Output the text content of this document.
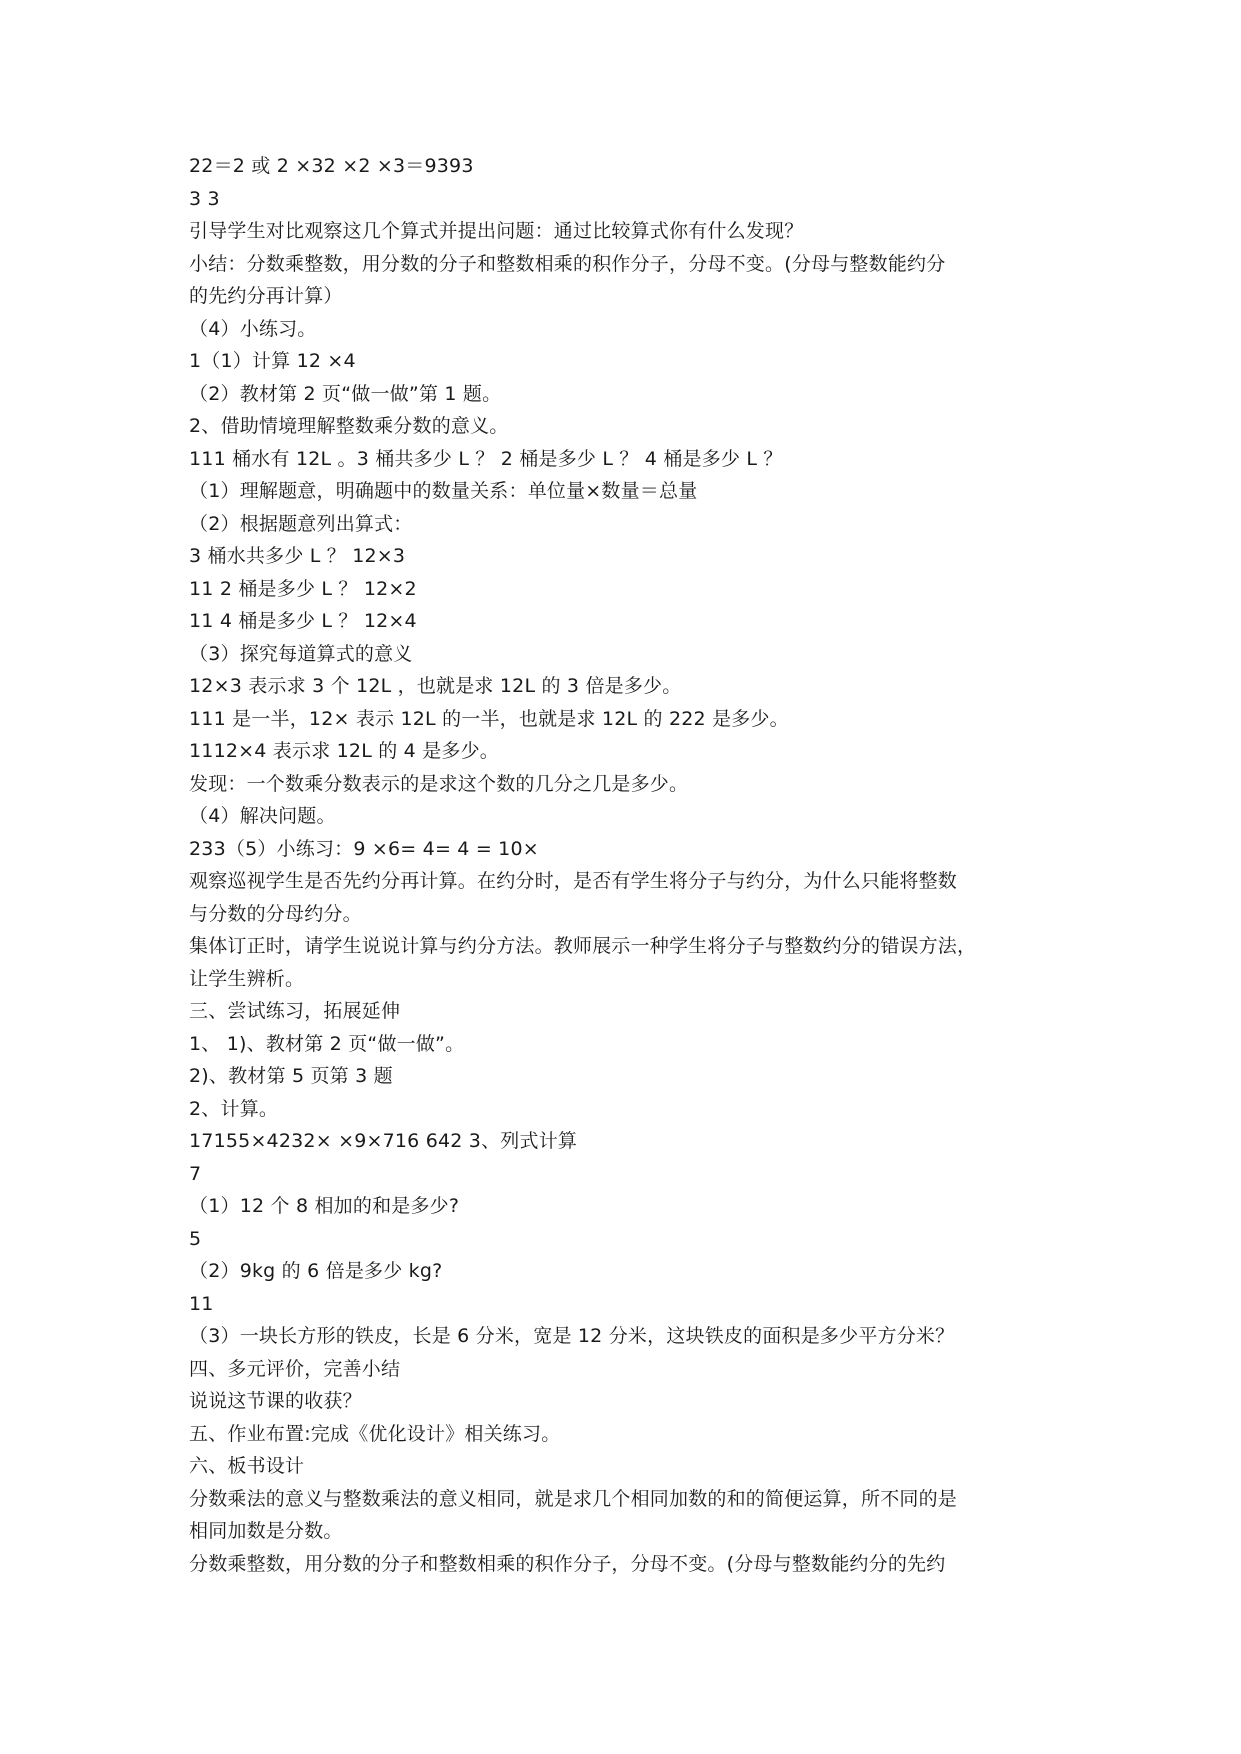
22＝2 或 2 ×32 ×2 ×3＝9393
3 3
引导学生对比观察这几个算式并提出问题：通过比较算式你有什么发现？
小结：分数乘整数，用分数的分子和整数相乘的积作分子，分母不变。(分母与整数能约分
的先约分再计算）
（4）小练习。
1（1）计算 12 ×4
（2）教材第 2 页“做一做”第 1 题。
2、借助情境理解整数乘分数的意义。
111 桶水有 12L 。3 桶共多少 L ？ 2 桶是多少 L ？ 4 桶是多少 L ？
（1）理解题意，明确题中的数量关系：单位量×数量＝总量
（2）根据题意列出算式：
3 桶水共多少 L ？ 12×3
11 2 桶是多少 L ？ 12×2
11 4 桶是多少 L ？ 12×4
（3）探究每道算式的意义
12×3 表示求 3 个 12L ，也就是求 12L 的 3 倍是多少。
111 是一半，12× 表示 12L 的一半，也就是求 12L 的 222 是多少。
1112×4 表示求 12L 的 4 是多少。
发现：一个数乘分数表示的是求这个数的几分之几是多少。
（4）解决问题。
233（5）小练习：9 ×6= 4= 4 = 10×
观察巡视学生是否先约分再计算。在约分时，是否有学生将分子与约分，为什么只能将整数
与分数的分母约分。
集体订正时，请学生说说计算与约分方法。教师展示一种学生将分子与整数约分的错误方法，
让学生辨析。
三、尝试练习，拓展延伸
1、 1)、教材第 2 页“做一做”。
2)、教材第 5 页第 3 题
2、计算。
17155×4232× ×9×716 642 3、列式计算
7
（1）12 个 8 相加的和是多少?
5
（2）9kg 的 6 倍是多少 kg?
11
（3）一块长方形的铁皮，长是 6 分米，宽是 12 分米，这块铁皮的面积是多少平方分米？
四、多元评价，完善小结
说说这节课的收获？
五、作业布置:完成《优化设计》相关练习。
六、板书设计
分数乘法的意义与整数乘法的意义相同，就是求几个相同加数的和的简便运算，所不同的是
相同加数是分数。
分数乘整数，用分数的分子和整数相乘的积作分子，分母不变。(分母与整数能约分的先约
